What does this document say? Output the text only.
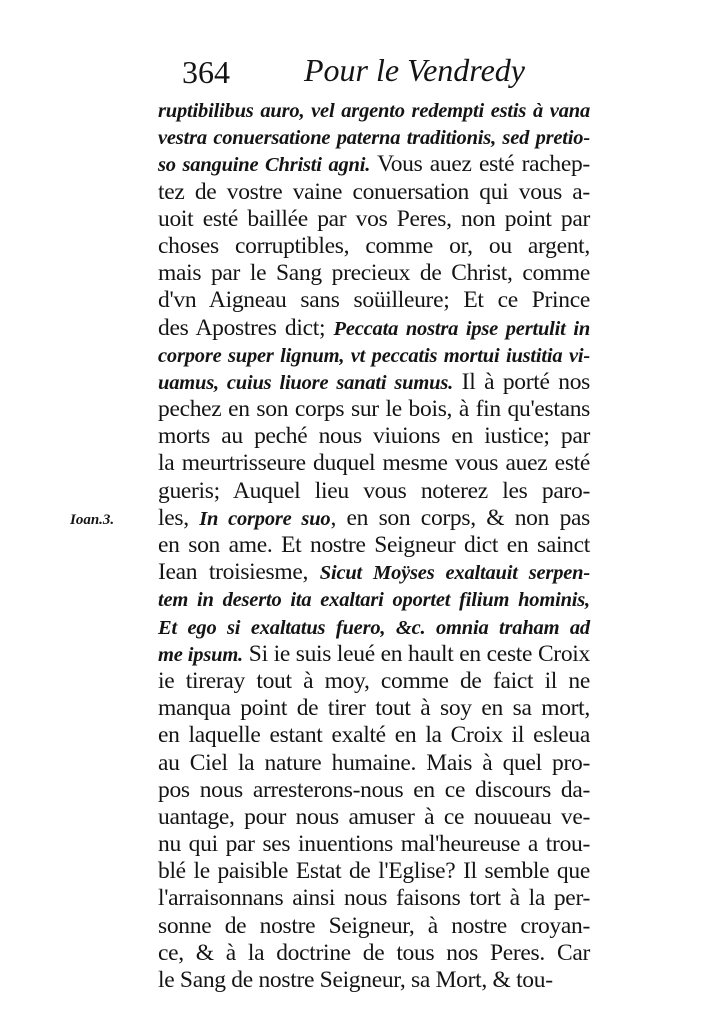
364 Pour le Vendredy
Ioan.3.
ruptibilibus auro, vel argento redempti estis à vana
vestra conuersatione paterna traditionis, sed pretio-
so sanguine Christi agni. Vous auez esté rachep-
tez de vostre vaine conuersation qui vous a-
uoit esté baillée par vos Peres, non point par
choses corruptibles, comme or, ou argent,
mais par le Sang precieux de Christ, comme
d'vn Aigneau sans soüilleure; Et ce Prince
des Apostres dict; Peccata nostra ipse pertulit in
corpore super lignum, vt peccatis mortui iustitia vi-
uamus, cuius liuore sanati sumus. Il à porté nos
pechez en son corps sur le bois, à fin qu'estans
morts au peché nous viuions en iustice; par
la meurtrisseure duquel mesme vous auez esté
gueris; Auquel lieu vous noterez les paro-
les, In corpore suo, en son corps, & non pas
en son ame. Et nostre Seigneur dict en sainct
Iean troisiesme, Sicut Moÿses exaltauit serpen-
tem in deserto ita exaltari oportet filium hominis,
Et ego si exaltatus fuero, &c. omnia traham ad
me ipsum. Si ie suis leué en hault en ceste Croix
ie tireray tout à moy, comme de faict il ne
manqua point de tirer tout à soy en sa mort,
en laquelle estant exalté en la Croix il esleua
au Ciel la nature humaine. Mais à quel pro-
pos nous arresterons-nous en ce discours da-
uantage, pour nous amuser à ce nouueau ve-
nu qui par ses inuentions mal'heureuse a trou-
blé le paisible Estat de l'Eglise? Il semble que
l'arraisonnans ainsi nous faisons tort à la per-
sonne de nostre Seigneur, à nostre croyan-
ce, & à la doctrine de tous nos Peres. Car
le Sang de nostre Seigneur, sa Mort, & tou-
